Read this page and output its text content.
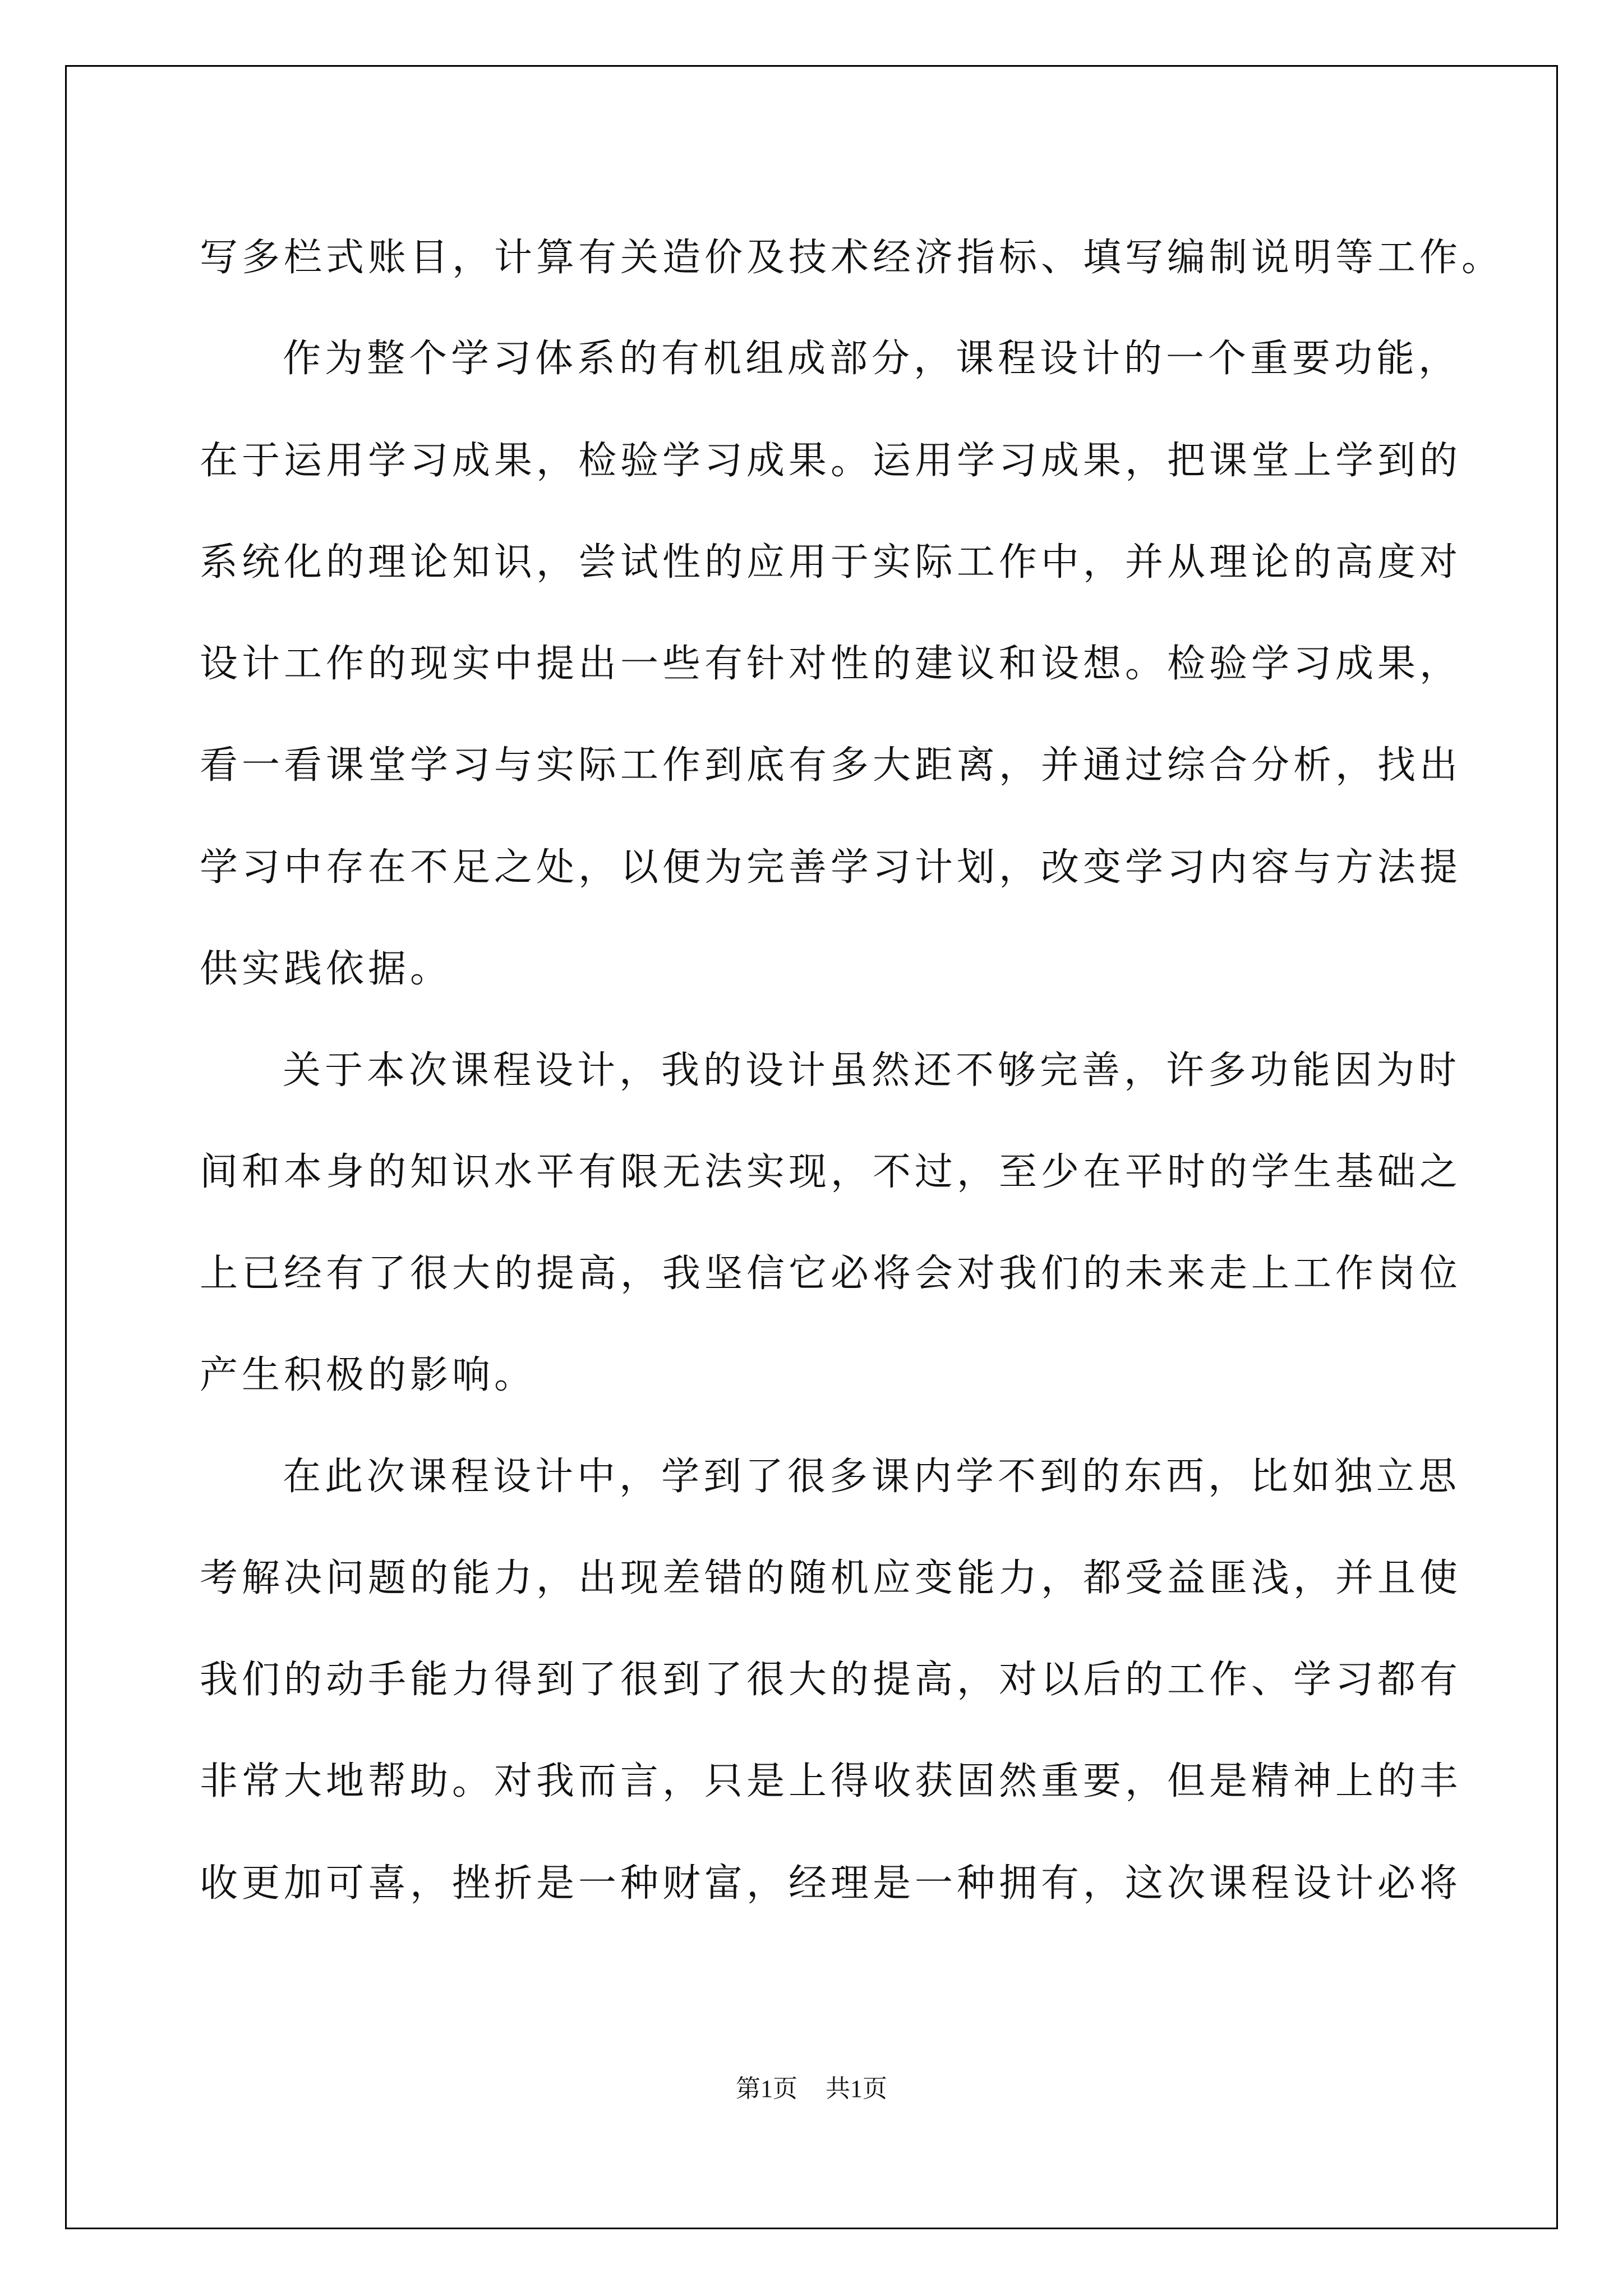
写多栏式账目，计算有关造价及技术经济指标、填写编制说明等工作。
作为整个学习体系的有机组成部分，课程设计的一个重要功能，
在于运用学习成果，检验学习成果。运用学习成果，把课堂上学到的
系统化的理论知识，尝试性的应用于实际工作中，并从理论的高度对
设计工作的现实中提出一些有针对性的建议和设想。检验学习成果，
看一看课堂学习与实际工作到底有多大距离，并通过综合分析，找出
学习中存在不足之处，以便为完善学习计划，改变学习内容与方法提
供实践依据。
关于本次课程设计，我的设计虽然还不够完善，许多功能因为时
间和本身的知识水平有限无法实现，不过，至少在平时的学生基础之
上已经有了很大的提高，我坚信它必将会对我们的未来走上工作岗位
产生积极的影响。
在此次课程设计中，学到了很多课内学不到的东西，比如独立思
考解决问题的能力，出现差错的随机应变能力，都受益匪浅，并且使
我们的动手能力得到了很到了很大的提高，对以后的工作、学习都有
非常大地帮助。对我而言，只是上得收获固然重要，但是精神上的丰
收更加可喜，挫折是一种财富，经理是一种拥有，这次课程设计必将
第1页 共1页
